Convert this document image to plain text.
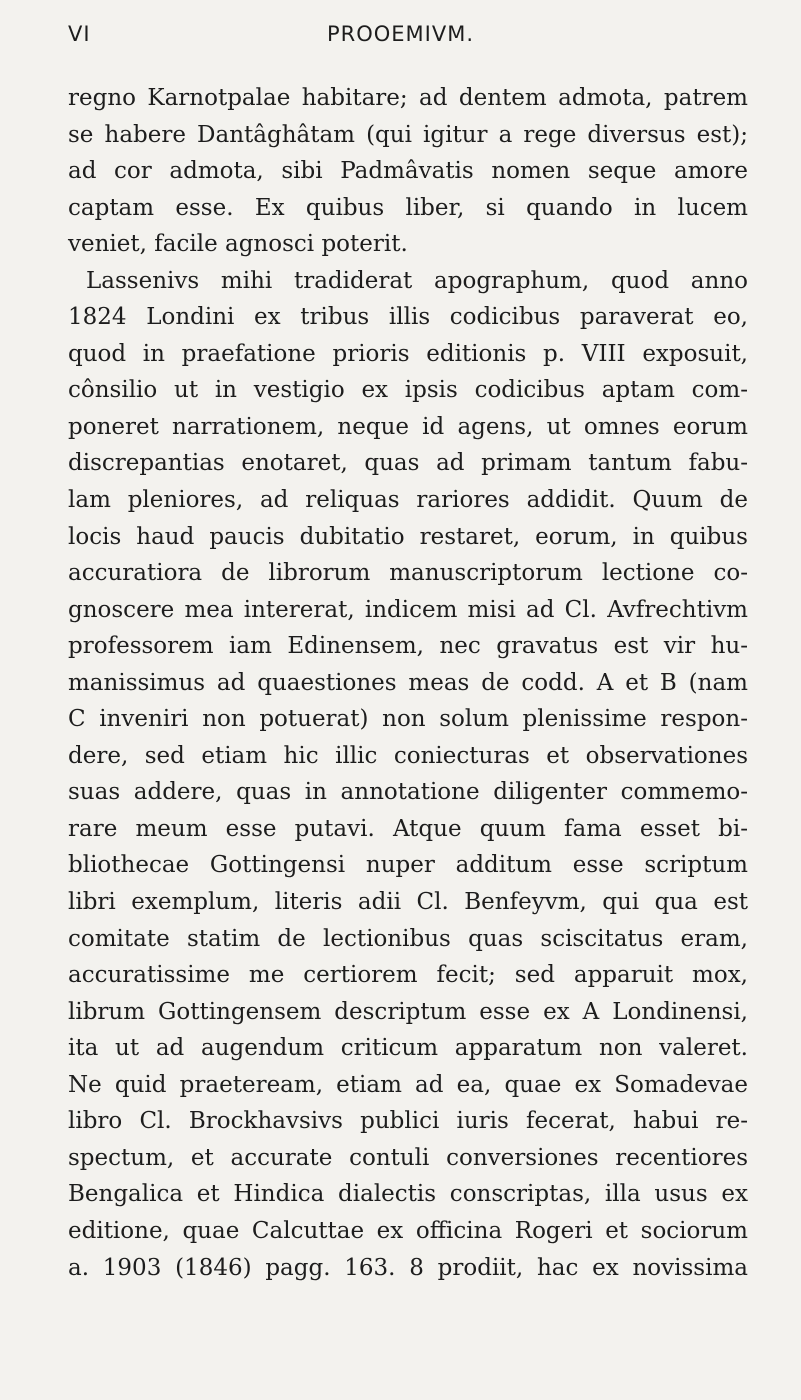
VI	PROOEMIVM.
regno Karnotpalae habitare; ad dentem admota, patrem
se habere Dantâghâtam (qui igitur a rege diversus est);
ad cor admota, sibi Padmâvatis nomen seque amore
captam esse. Ex quibus liber, si quando in lucem
veniet, facile agnosci poterit.
Lassenivs mihi tradiderat apographum, quod anno
1824 Londini ex tribus illis codicibus paraverat eo,
quod in praefatione prioris editionis p. VIII exposuit,
cônsilio ut in vestigio ex ipsis codicibus aptam com-
poneret narrationem, neque id agens, ut omnes eorum
discrepantias enotaret, quas ad primam tantum fabu-
lam pleniores, ad reliquas rariores addidit. Quum de
locis haud paucis dubitatio restaret, eorum, in quibus
accuratiora de librorum manuscriptorum lectione co-
gnoscere mea intererat, indicem misi ad Cl. Avfrechtivm
professorem iam Edinensem, nec gravatus est vir hu-
manissimus ad quaestiones meas de codd. A et B (nam
C inveniri non potuerat) non solum plenissime respon-
dere, sed etiam hic illic coniecturas et observationes
suas addere, quas in annotatione diligenter commemo-
rare meum esse putavi. Atque quum fama esset bi-
bliothecae Gottingensi nuper additum esse scriptum
libri exemplum, literis adii Cl. Benfeyvm, qui qua est
comitate statim de lectionibus quas sciscitatus eram,
accuratissime me certiorem fecit; sed apparuit mox,
librum Gottingensem descriptum esse ex A Londinensi,
ita ut ad augendum criticum apparatum non valeret.
Ne quid praeteream, etiam ad ea, quae ex Somadevae
libro Cl. Brockhavsivs publici iuris fecerat, habui re-
spectum, et accurate contuli conversiones recentiores
Bengalica et Hindica dialectis conscriptas, illa usus ex
editione, quae Calcuttae ex officina Rogeri et sociorum
a. 1903 (1846) pagg. 163. 8 prodiit, hac ex novissima
